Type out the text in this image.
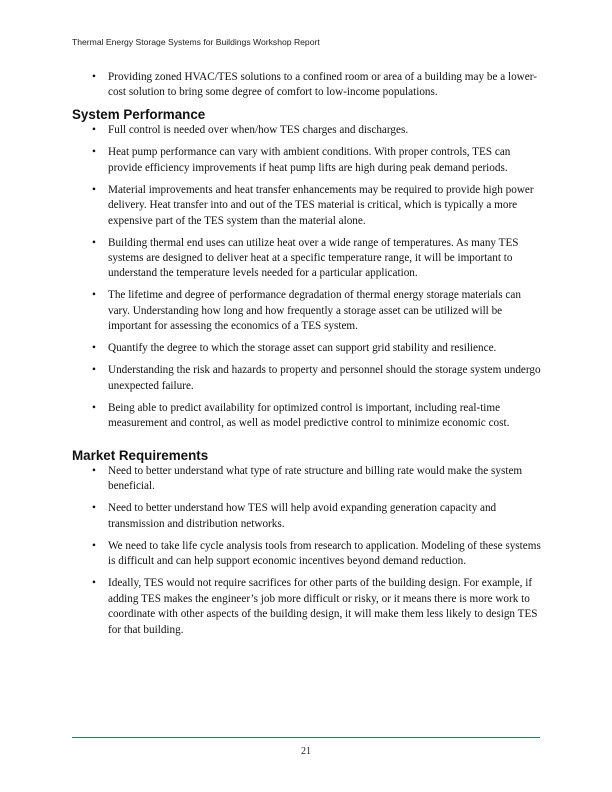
Thermal Energy Storage Systems for Buildings Workshop Report
• Providing zoned HVAC/TES solutions to a confined room or area of a building may be a lower-cost solution to bring some degree of comfort to low-income populations.
System Performance
• Full control is needed over when/how TES charges and discharges.
• Heat pump performance can vary with ambient conditions. With proper controls, TES can provide efficiency improvements if heat pump lifts are high during peak demand periods.
• Material improvements and heat transfer enhancements may be required to provide high power delivery. Heat transfer into and out of the TES material is critical, which is typically a more expensive part of the TES system than the material alone.
• Building thermal end uses can utilize heat over a wide range of temperatures. As many TES systems are designed to deliver heat at a specific temperature range, it will be important to understand the temperature levels needed for a particular application.
• The lifetime and degree of performance degradation of thermal energy storage materials can vary. Understanding how long and how frequently a storage asset can be utilized will be important for assessing the economics of a TES system.
• Quantify the degree to which the storage asset can support grid stability and resilience.
• Understanding the risk and hazards to property and personnel should the storage system undergo unexpected failure.
• Being able to predict availability for optimized control is important, including real-time measurement and control, as well as model predictive control to minimize economic cost.
Market Requirements
• Need to better understand what type of rate structure and billing rate would make the system beneficial.
• Need to better understand how TES will help avoid expanding generation capacity and transmission and distribution networks.
• We need to take life cycle analysis tools from research to application. Modeling of these systems is difficult and can help support economic incentives beyond demand reduction.
• Ideally, TES would not require sacrifices for other parts of the building design. For example, if adding TES makes the engineer’s job more difficult or risky, or it means there is more work to coordinate with other aspects of the building design, it will make them less likely to design TES for that building.
21
